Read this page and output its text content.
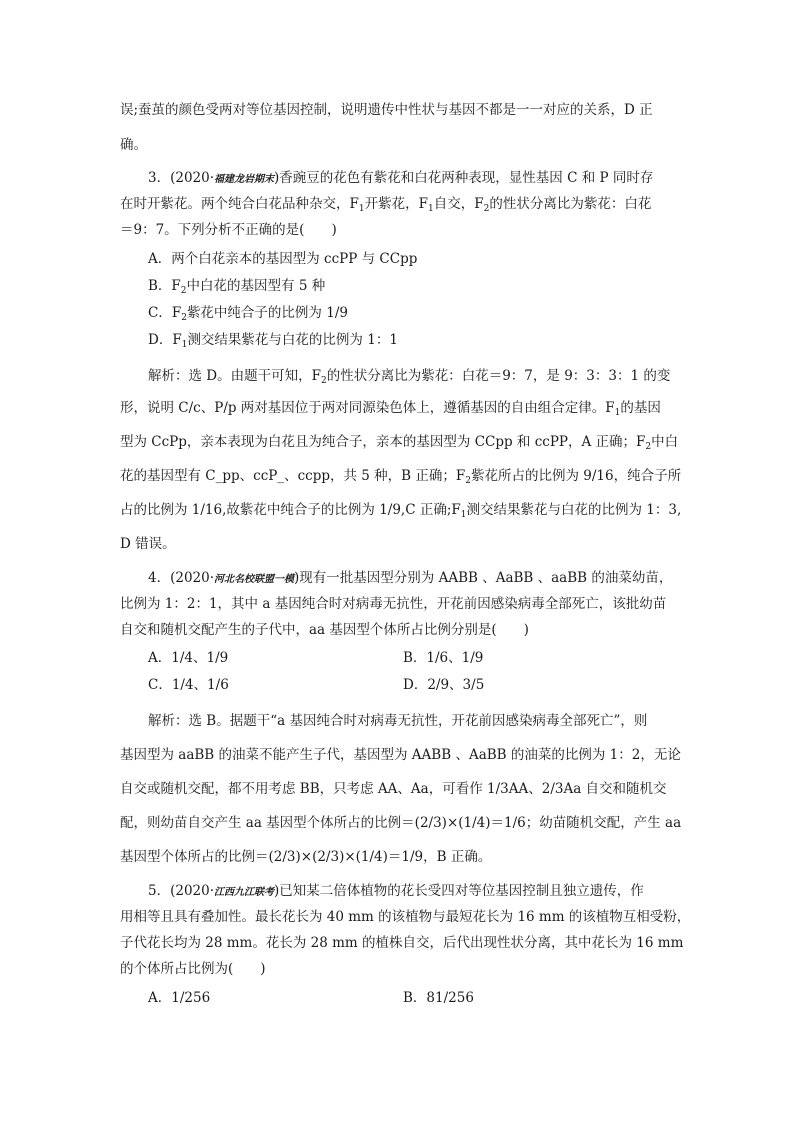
误;蚕茧的颜色受两对等位基因控制，说明遗传中性状与基因不都是一一对应的关系，D 正
确。
3．(2020·福建龙岩期末)香豌豆的花色有紫花和白花两种表现，显性基因 C 和 P 同时存
在时开紫花。两个纯合白花品种杂交，$F_1$开紫花，$F_1$自交，$F_2$的性状分离比为紫花：白花
＝9：7。下列分析不正确的是(　　)
A．两个白花亲本的基因型为 ccPP 与 CCpp
B．$F_2$中白花的基因型有 5 种
C．$F_2$紫花中纯合子的比例为 1/9
D．$F_1$测交结果紫花与白花的比例为 1：1
解析：选 D。由题干可知，$F_2$的性状分离比为紫花：白花＝9：7，是 9：3：3：1 的变
形，说明 C/c、P/p 两对基因位于两对同源染色体上，遵循基因的自由组合定律。$F_1$的基因
型为 CcPp，亲本表现为白花且为纯合子，亲本的基因型为 CCpp 和 ccPP，A 正确；$F_2$中白
花的基因型有 C_pp、ccP_、ccpp，共 5 种，B 正确；$F_2$紫花所占的比例为 9/16，纯合子所
占的比例为 1/16,故紫花中纯合子的比例为 1/9,C 正确$;F_1$测交结果紫花与白花的比例为 1：3,
D 错误。
4．(2020·河北名校联盟一模)现有一批基因型分别为 AABB 、AaBB 、aaBB 的油菜幼苗，
比例为 1：2：1，其中 a 基因纯合时对病毒无抗性，开花前因感染病毒全部死亡，该批幼苗
自交和随机交配产生的子代中，aa 基因型个体所占比例分别是(　　)
A．1/4、1/9	B．1/6、1/9
C．1/4、1/6	D．2/9、3/5
解析：选 B。据题干“a 基因纯合时对病毒无抗性，开花前因感染病毒全部死亡”，则
基因型为 aaBB 的油菜不能产生子代，基因型为 AABB 、AaBB 的油菜的比例为 1：2，无论
自交或随机交配，都不用考虑 BB，只考虑 AA、Aa，可看作 1/3AA、2/3Aa 自交和随机交
配，则幼苗自交产生 aa 基因型个体所占的比例＝(2/3)×(1/4)＝1/6；幼苗随机交配，产生 aa
基因型个体所占的比例＝(2/3)×(2/3)×(1/4)＝1/9，B 正确。
5．(2020·江西九江联考)已知某二倍体植物的花长受四对等位基因控制且独立遗传，作
用相等且具有叠加性。最长花长为 40 mm 的该植物与最短花长为 16 mm 的该植物互相受粉，
子代花长均为 28 mm。花长为 28 mm 的植株自交，后代出现性状分离，其中花长为 16 mm
的个体所占比例为(　　)
A．1/256	B．81/256
